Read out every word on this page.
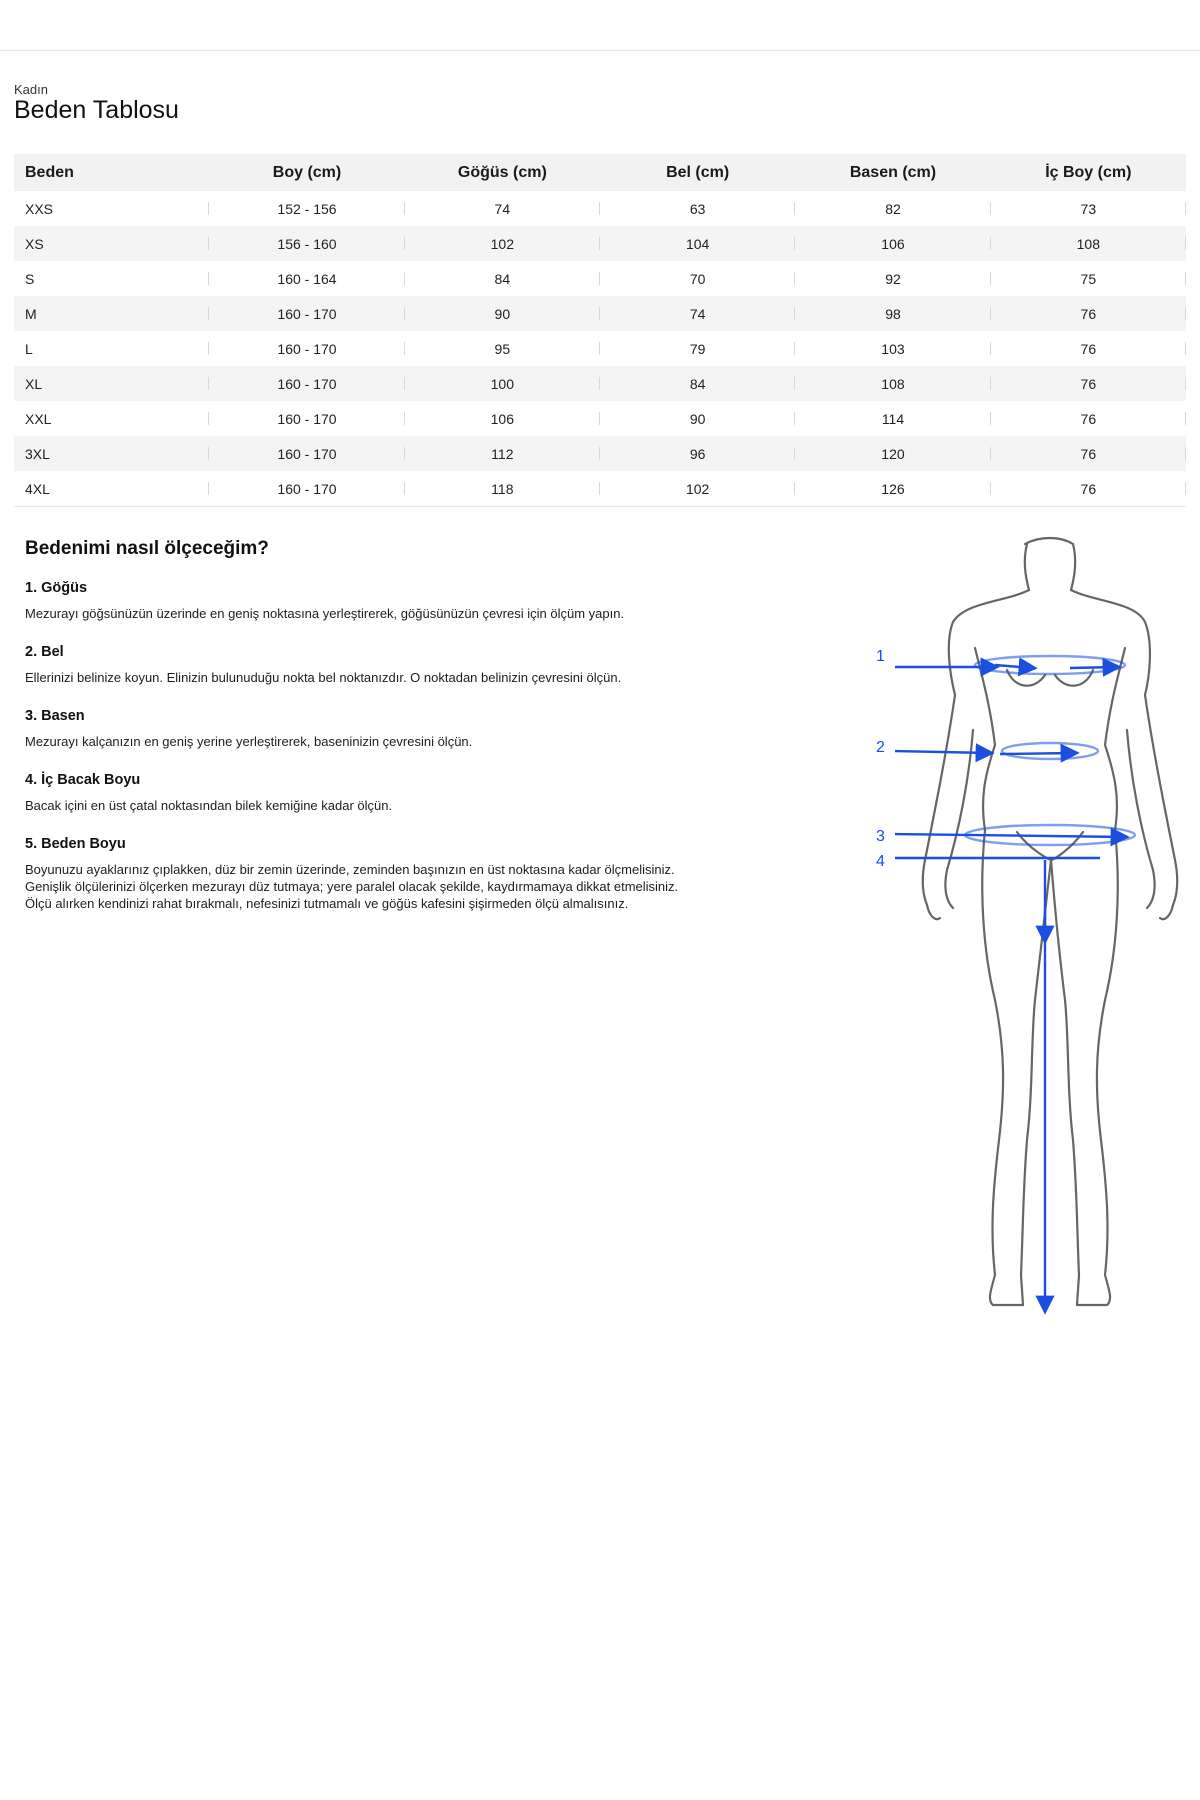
Kadın
Beden Tablosu
Beden	Boy (cm)	Göğüs (cm)	Bel (cm)	Basen (cm)	İç Boy (cm)
XXS	152 - 156	74	63	82	73
XS	156 - 160	102	104	106	108
S	160 - 164	84	70	92	75
M	160 - 170	90	74	98	76
L	160 - 170	95	79	103	76
XL	160 - 170	100	84	108	76
XXL	160 - 170	106	90	114	76
3XL	160 - 170	112	96	120	76
4XL	160 - 170	118	102	126	76
Bedenimi nasıl ölçeceğim?
1. Göğüs

Mezurayı göğsünüzün üzerinde en geniş noktasına yerleştirerek, göğüsünüzün çevresi için ölçüm yapın.

2. Bel

Ellerinizi belinize koyun. Elinizin bulunuduğu nokta bel noktanızdır. O noktadan belinizin çevresini ölçün.

3. Basen

Mezurayı kalçanızın en geniş yerine yerleştirerek, baseninizin çevresini ölçün.

4. İç Bacak Boyu

Bacak içini en üst çatal noktasından bilek kemiğine kadar ölçün.

5. Beden Boyu

Boyunuzu ayaklarınız çıplakken, düz bir zemin üzerinde, zeminden başınızın en üst noktasına kadar ölçmelisiniz.

Genişlik ölçülerinizi ölçerken mezurayı düz tutmaya; yere paralel olacak şekilde, kaydırmamaya dikkat etmelisiniz.

Ölçü alırken kendinizi rahat bırakmalı, nefesinizi tutmamalı ve göğüs kafesini şişirmeden ölçü almalısınız.

1
2
3
4
